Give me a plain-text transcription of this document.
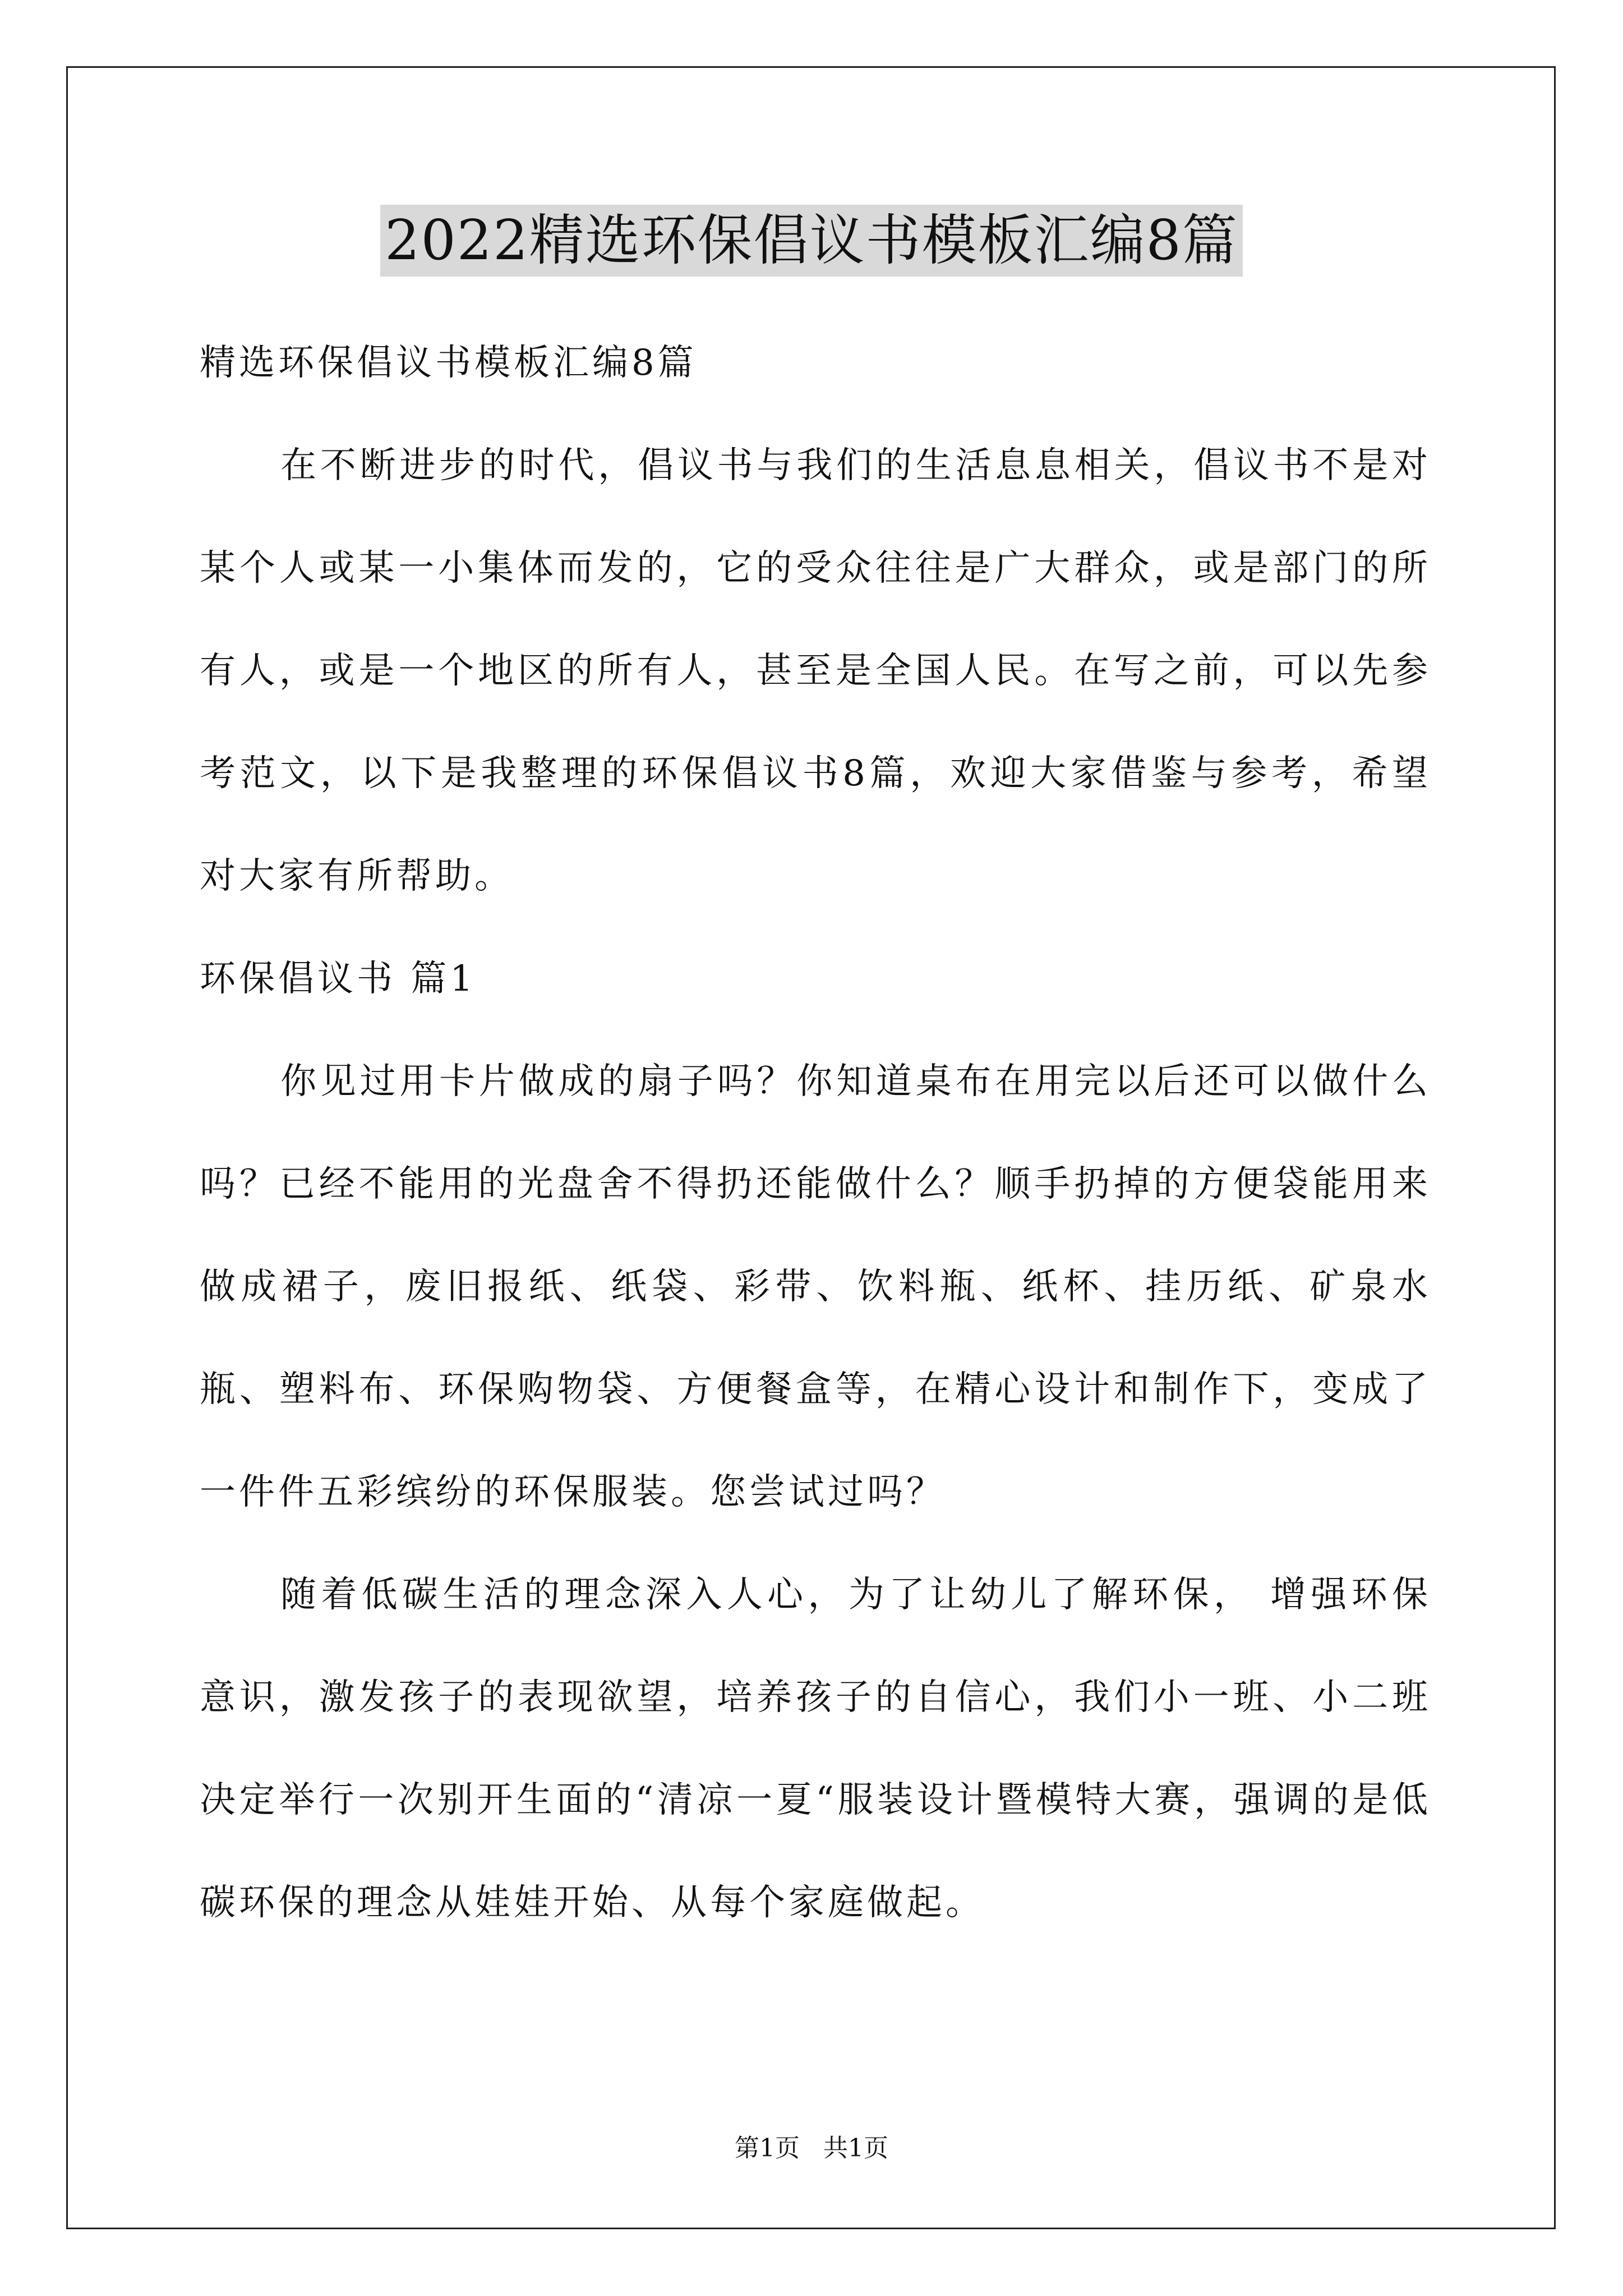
2022精选环保倡议书模板汇编8篇
精选环保倡议书模板汇编8篇

在不断进步的时代，倡议书与我们的生活息息相关，倡议书不是对某个人或某一小集体而发的，它的受众往往是广大群众，或是部门的所有人，或是一个地区的所有人，甚至是全国人民。在写之前，可以先参考范文，以下是我整理的环保倡议书8篇，欢迎大家借鉴与参考，希望对大家有所帮助。

环保倡议书 篇1

你见过用卡片做成的扇子吗？你知道桌布在用完以后还可以做什么吗？已经不能用的光盘舍不得扔还能做什么？顺手扔掉的方便袋能用来做成裙子，废旧报纸、纸袋、彩带、饮料瓶、纸杯、挂历纸、矿泉水瓶、塑料布、环保购物袋、方便餐盒等，在精心设计和制作下，变成了一件件五彩缤纷的环保服装。您尝试过吗？

随着低碳生活的理念深入人心，为了让幼儿了解环保， 增强环保意识，激发孩子的表现欲望，培养孩子的自信心，我们小一班、小二班决定举行一次别开生面的“清凉一夏“服装设计暨模特大赛，强调的是低碳环保的理念从娃娃开始、从每个家庭做起。

第1页   共1页
